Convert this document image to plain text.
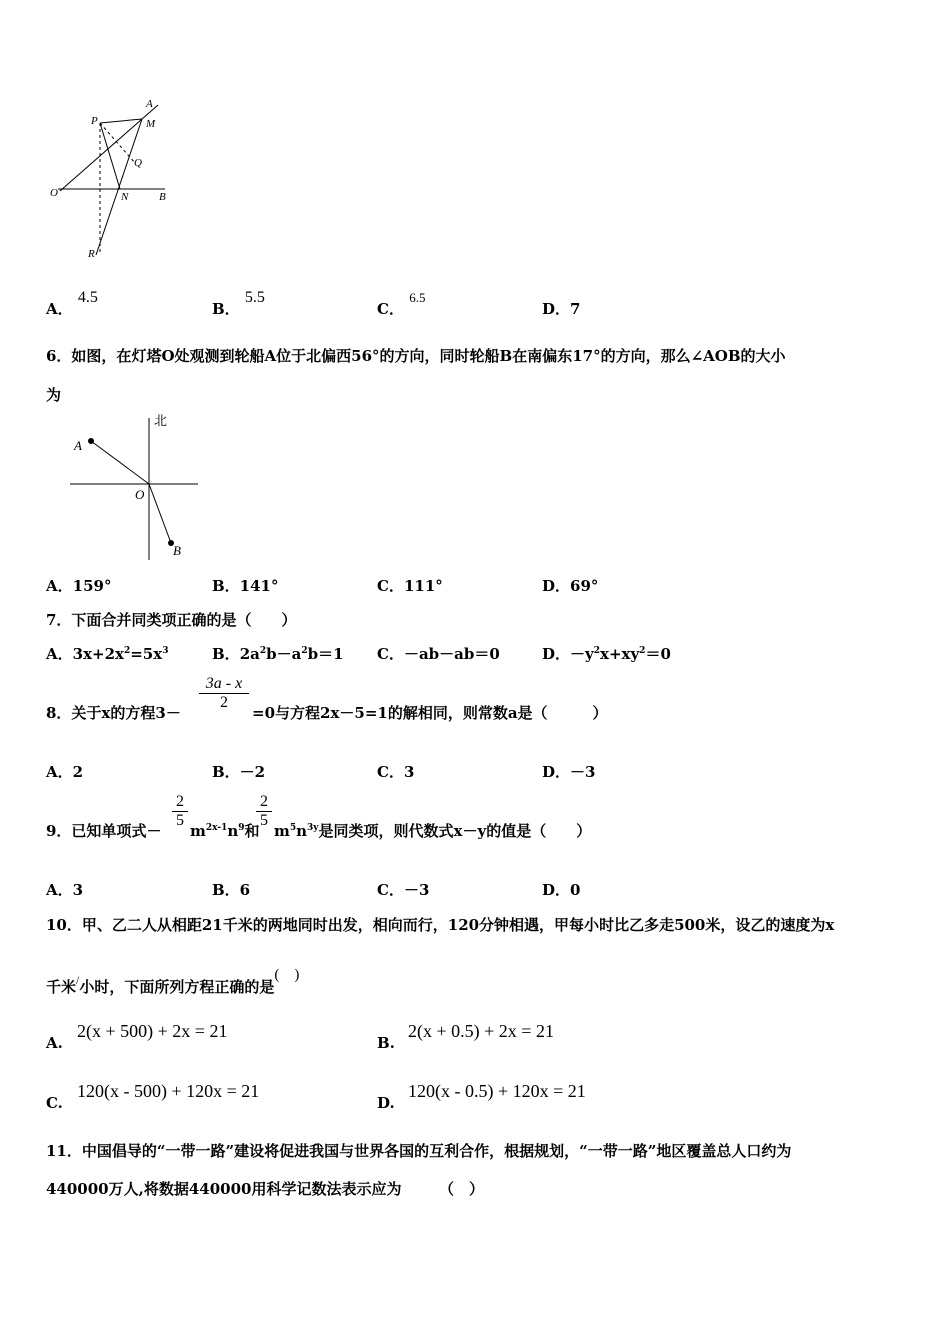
A
P	M
Q
O	N	B
R
A． 4.5
B． 5.5
C． 6.5
D．7
6．如图，在灯塔O处观测到轮船A位于北偏西56°的方向，同时轮船B在南偏东17°的方向，那么∠AOB的大小
为
北
A
O
B
A．159°	B．141°	C．111°	D．69°
7．下面合并同类项正确的是（　　）
A．$3x+2x^2=5x^3$	B．$2a^2b-a^2b=1$ C．－ab－ab＝0	D．$-y^2x+xy^2=0$
8．关于x的方程3－
$\frac{3a - x}{2}$
=0与方程2x－5=1的解相同，则常数a是（　　　）
A．2	B．－2	C．3	D．－3
9．已知单项式－
$\frac{2}{5}$
$m^{2x-1}n^9$和
$\frac{2}{5}$
$m^5n^{3y}$是同类项，则代数式x－y的值是（　　）
A．3	B．6	C．－3	D．0
10．甲、乙二人从相距21千米的两地同时出发，相向而行，120分钟相遇，甲每小时比乙多走500米，设乙的速度为x
千米/小时，下面所列方程正确的是(　)
A.
2(x + 500) + 2x = 21
B.
2(x + 0.5) + 2x = 21
C.
120(x - 500) + 120x = 21
D.
120(x - 0.5) + 120x = 21
11．中国倡导的“一带一路”建设将促进我国与世界各国的互利合作，根据规划，“一带一路”地区覆盖总人口约为
440000万人,将数据440000用科学记数法表示应为　　　（　）
